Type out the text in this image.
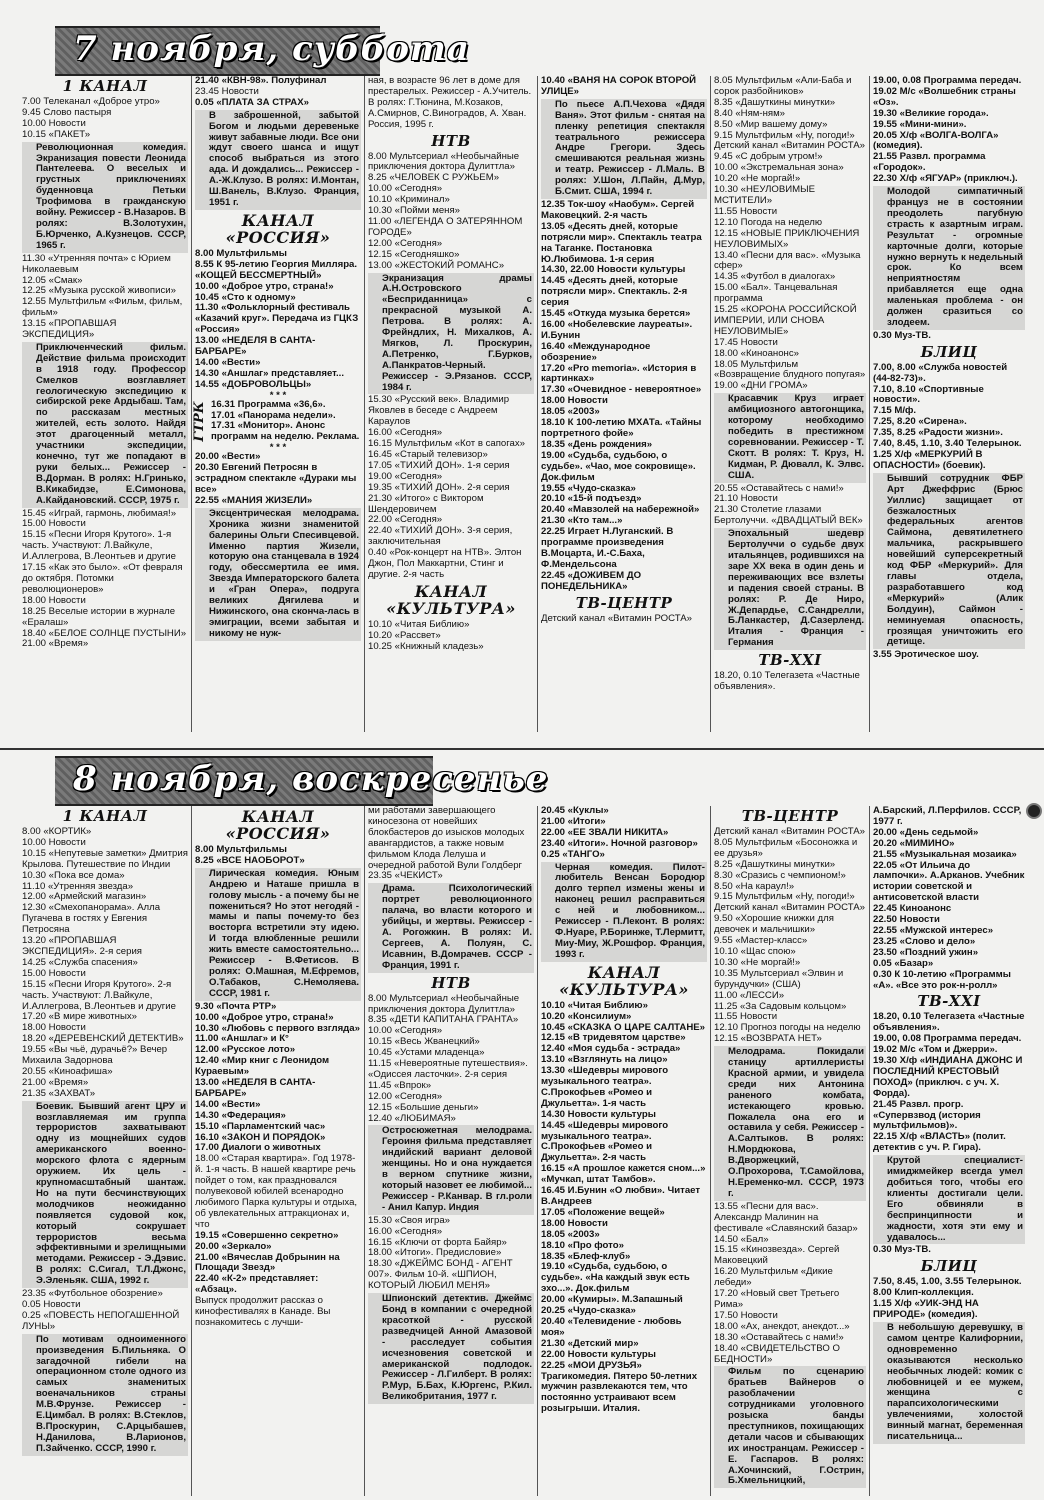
7 ноября, суббота
1 КАНАЛ
7.00 Телеканал «Доброе утро»
9.45 Слово пастыря
10.00 Новости
10.15 «ПАКЕТ»
Революционная комедия. Экранизация повести Леонида Пантелеева. О веселых и грустных приключениях буденновца Петьки Трофимова в гражданскую войну. Режиссер - В.Назаров. В ролях: В.Золотухин, Б.Юрченко, А.Кузнецов. СССР, 1965 г.
11.30 «Утренняя почта» с Юрием Николаевым
12.05 «Смак»
12.25 «Музыка русской живописи»
12.55 Мультфильм «Фильм, фильм, фильм»
13.15 «ПРОПАВШАЯ ЭКСПЕДИЦИЯ»
Приключенческий фильм. Действие фильма происходит в 1918 году. Профессор Смелков возглавляет геологическую экспедицию к сибирской реке Ардыбаш. Там, по рассказам местных жителей, есть золото. Найдя этот драгоценный металл, участники экспедиции, конечно, тут же попадают в руки белых... Режиссер - В.Дорман. В ролях: Н.Гринько, В.Кикабидзе, Е.Симонова, А.Кайдановский. СССР, 1975 г.
15.45 «Играй, гармонь, любимая!»
15.00 Новости
15.15 «Песни Игоря Крутого». 1-я часть. Участвуют: Л.Вайкуле, И.Аллегрова, В.Леонтьев и другие
17.15 «Как это было». «От февраля до октября. Потомки революционеров»
18.00 Новости
18.25 Веселые истории в журнале «Ералаш»
18.40 «БЕЛОЕ СОЛНЦЕ ПУСТЫНИ»
21.00 «Время»
21.40 «КВН-98». Полуфинал
23.45 Новости
0.05 «ПЛАТА ЗА СТРАХ»
В заброшенной, забытой Богом и людьми деревеньке живут забавные люди. Все они ждут своего шанса и ищут способ выбраться из этого ада. И дождались... Режиссер - А.-Ж.Клузо. В ролях: И.Монтан, Ш.Ванель, В.Клузо. Франция, 1951 г.
КАНАЛ «РОССИЯ»
8.00 Мультфильмы
8.55 К 95-летию Георгия Милляра. «КОЩЕЙ БЕССМЕРТНЫЙ»
10.00 «Доброе утро, страна!»
10.45 «Сто к одному»
11.30 «Фольклорный фестиваль «Казачий круг». Передача из ГЦКЗ «Россия»
13.00 «НЕДЕЛЯ В САНТА-БАРБАРЕ»
14.00 «Вести»
14.30 «Аншлаг» представляет...
14.55 «ДОБРОВОЛЬЦЫ»
* * *
ГТРК 16.31 Программа «36,6».
17.01 «Панорама недели».
17.31 «Монитор». Анонс программ на неделю. Реклама.
* * *
20.00 «Вести»
20.30 Евгений Петросян в эстрадном спектакле «Дураки мы все»
22.55 «МАНИЯ ЖИЗЕЛИ»
Эксцентрическая мелодрама. Хроника жизни знаменитой балерины Ольги Спесивцевой. Именно партия Жизели, которую она станцевала в 1924 году, обессмертила ее имя. Звезда Императорского балета и «Гран Опера», подруга великих Дягилева и Нижинского, она сконча-лась в эмиграции, всеми забытая и никому не нуж-
ная, в возрасте 96 лет в доме для престарелых. Режиссер - А.Учитель. В ролях: Г.Тюнина, М.Козаков, А.Смирнов, С.Виноградов, А. Хван. Россия, 1995 г.
НТВ
8.00 Мультсериал «Необычайные приключения доктора Дулиттла»
8.25 «ЧЕЛОВЕК С РУЖЬЕМ»
10.00 «Сегодня»
10.10 «Криминал»
10.30 «Пойми меня»
11.00 «ЛЕГЕНДА О ЗАТЕРЯННОМ ГОРОДЕ»
12.00 «Сегодня»
12.15 «Сегодняшко»
13.00 «ЖЕСТОКИЙ РОМАНС»
Экранизация драмы А.Н.Островского «Бесприданница» с прекрасной музыкой А. Петрова. В ролях: А. Фрейндлих, Н. Михалков, А. Мягков, Л. Проскурин, А.Петренко, Г.Бурков, А.Панкратов-Черный. Режиссер - Э.Рязанов. СССР, 1984 г.
15.30 «Русский век». Владимир Яковлев в беседе с Андреем Караулов
16.00 «Сегодня»
16.15 Мультфильм «Кот в сапогах»
16.45 «Старый телевизор»
17.05 «ТИХИЙ ДОН». 1-я серия
19.00 «Сегодня»
19.35 «ТИХИЙ ДОН». 2-я серия
21.30 «Итого» с Виктором Шендеровичем
22.00 «Сегодня»
22.40 «ТИХИЙ ДОН». 3-я серия, заключительная
0.40 «Рок-концерт на НТВ». Элтон Джон, Пол Маккартни, Стинг и другие. 2-я часть
КАНАЛ «КУЛЬТУРА»
10.10 «Читая Библию»
10.20 «Рассвет»
10.25 «Книжный кладезь»
10.40 «ВАНЯ НА СОРОК ВТОРОЙ УЛИЦЕ»
По пьесе А.П.Чехова «Дядя Ваня». Этот фильм - снятая на пленку репетиция спектакля театрального режиссера Андре Грегори. Здесь смешиваются реальная жизнь и театр. Режиссер - Л.Маль. В ролях: У.Шон, Л.Пайн, Д.Мур, Б.Смит. США, 1994 г.
12.35 Ток-шоу «Наобум». Сергей Маковецкий. 2-я часть
13.05 «Десять дней, которые потрясли мир». Спектакль театра на Таганке. Постановка Ю.Любимова. 1-я серия
14.30, 22.00 Новости культуры
14.45 «Десять дней, которые потрясли мир». Спектакль. 2-я серия
15.45 «Откуда музыка берется»
16.00 «Нобелевские лауреаты». И.Бунин
16.40 «Международное обозрение»
17.20 «Pro memoria». «История в картинках»
17.30 «Очевидное - невероятное»
18.00 Новости
18.05 «2003»
18.10 К 100-летию МХАТа. «Тайны портретного фойе»
18.35 «День рождения»
19.00 «Судьба, судьбою, о судьбе». «Чао, мое сокровище». Док.фильм
19.55 «Чудо-сказка»
20.10 «15-й подъезд»
20.40 «Мавзолей на набережной»
21.30 «Кто там...»
22.25 Играет Н.Луганский. В программе произведения В.Моцарта, И.-С.Баха, Ф.Мендельсона
22.45 «ДОЖИВЕМ ДО ПОНЕДЕЛЬНИКА»
ТВ-ЦЕНТР
Детский канал «Витамин РОСТА»
8.05 Мультфильм «Али-Баба и сорок разбойников»
8.35 «Дашуткины минутки»
8.40 «Ням-ням»
8.50 «Мир вашему дому»
9.15 Мультфильм «Ну, погоди!» Детский канал «Витамин РОСТА»
9.45 «С добрым утром!»
10.00 «Экстремальная зона»
10.20 «Не моргай!»
10.30 «НЕУЛОВИМЫЕ МСТИТЕЛИ»
11.55 Новости
12.10 Погода на неделю
12.15 «НОВЫЕ ПРИКЛЮЧЕНИЯ НЕУЛОВИМЫХ»
13.40 «Песни для вас». «Музыка сфер»
14.35 «Футбол в диалогах»
15.00 «Бал». Танцевальная программа
15.25 «КОРОНА РОССИЙСКОЙ ИМПЕРИИ, ИЛИ СНОВА НЕУЛОВИМЫЕ»
17.45 Новости
18.00 «Киноанонс»
18.05 Мультфильм «Возвращение блудного попугая»
19.00 «ДНИ ГРОМА»
Красавчик Круз играет амбициозного автогонщика, которому необходимо победить в престижном соревновании. Режиссер - Т. Скотт. В ролях: Т. Круз, Н. Кидман, Р. Дювалл, К. Элвс. США.
20.55 «Оставайтесь с нами!»
21.10 Новости
21.30 Столетие глазами Бертолуччи. «ДВАДЦАТЫЙ ВЕК»
Эпохальный шедевр Бертолуччи о судьбе двух итальянцев, родившихся на заре XX века в один день и переживающих все взлеты и падения своей страны. В ролях: Р. Де Ниро, Ж.Депардье, С.Сандрелли, Б.Ланкастер, Д.Сазерленд. Италия - Франция - Германия
ТВ-XXI
18.20, 0.10 Телегазета «Частные объявления».
19.00, 0.08 Программа передач.
19.02 М/с «Волшебник страны «Оз».
19.30 «Великие города».
19.55 «Мини-мини».
20.05 Х/ф «ВОЛГА-ВОЛГА» (комедия).
21.55 Развл. программа «Городок».
22.30 Х/ф «ЯГУАР» (приключ.).
Молодой симпатичный француз не в состоянии преодолеть пагубную страсть к азартным играм. Результат - огромные карточные долги, которые нужно вернуть к недельный срок. Ко всем неприятностям прибавляется еще одна маленькая проблема - он должен сразиться со злодеем.
0.30 Муз-ТВ.
БЛИЦ
7.00, 8.00 «Служба новостей (44-82-73)».
7.10, 8.10 «Спортивные новости».
7.15 М/ф.
7.25, 8.20 «Сирена».
7.35, 8.25 «Радости жизни».
7.40, 8.45, 1.10, 3.40 Телерынок.
1.25 Х/ф «МЕРКУРИЙ В ОПАСНОСТИ» (боевик).
Бывший сотрудник ФБР Арт Джеффрис (Брюс Уиллис) защищает от безжалостных федеральных агентов Саймона, девятилетнего мальчика, раскрывшего новейший суперсекретный код ФБР «Меркурий». Для главы отдела, разработавшего код «Меркурий» (Алик Болдуин), Саймон - неминуемая опасность, грозящая уничтожить его детище.
3.55 Эротическое шоу.
8 ноября, воскресенье
1 КАНАЛ
8.00 «КОРТИК»
10.00 Новости
10.15 «Непутевые заметки» Дмитрия Крылова. Путешествие по Индии
10.30 «Пока все дома»
11.10 «Утренняя звезда»
12.00 «Армейский магазин»
12.30 «Смехопанорама». Алла Пугачева в гостях у Евгения Петросяна
13.20 «ПРОПАВШАЯ ЭКСПЕДИЦИЯ». 2-я серия
14.25 «Служба спасения»
15.00 Новости
15.15 «Песни Игоря Крутого». 2-я часть. Участвуют: Л.Вайкуле, И.Аллегрова, В.Леонтьев и другие
17.20 «В мире животных»
18.00 Новости
18.20 «ДЕРЕВЕНСКИЙ ДЕТЕКТИВ»
19.55 «Вы чьё, дурачьё?» Вечер Михаила Задорнова
20.55 «Киноафиша»
21.00 «Время»
21.35 «ЗАХВАТ»
Боевик. Бывший агент ЦРУ и возглавляемая им группа террористов захватывают одну из мощнейших судов американского военно-морского флота с ядерным оружием. Их цель - крупномасштабный шантаж. Но на пути бесчинствующих молодчиков неожиданно появляется судовой кок, который сокрушает террористов весьма эффективными и зрелищными методами. Режиссер - Э.Дэвис. В ролях: С.Сигал, Т.Л.Джонс, Э.Эленьяк. США, 1992 г.
23.35 «Футбольное обозрение»
0.05 Новости
0.25 «ПОВЕСТЬ НЕПОГАШЕННОЙ ЛУНЫ»
По мотивам одноименного произведения Б.Пильняка. О загадочной гибели на операционном столе одного из самых знаменитых военачальников страны М.В.Фрунзе. Режиссер - Е.Цимбал. В ролях: В.Стеклов, В.Проскурин, С.Арцыбашев, Н.Данилова, В.Ларионов, П.Зайченко. СССР, 1990 г.
КАНАЛ «РОССИЯ»
8.00 Мультфильмы
8.25 «ВСЕ НАОБОРОТ»
Лирическая комедия. Юным Андрею и Наташе пришла в голову мысль - а почему бы не пожениться? Но этот негодяй - мамы и папы почему-то без восторга встретили эту идею. И тогда влюбленные решили жить вместе самостоятельно... Режиссер - В.Фетисов. В ролях: О.Машная, М.Ефремов, О.Табаков, С.Немоляева. СССР, 1981 г.
9.30 «Почта РТР»
10.00 «Доброе утро, страна!»
10.30 «Любовь с первого взгляда»
11.00 «Аншлаг» и К°
12.00 «Русское лото»
12.40 «Мир книг с Леонидом Кураевым»
13.00 «НЕДЕЛЯ В САНТА-БАРБАРЕ»
14.00 «Вести»
14.30 «Федерация»
15.10 «Парламентский час»
16.10 «ЗАКОН И ПОРЯДОК»
17.00 Диалоги о животных
18.00 «Старая квартира». Год 1978-й. 1-я часть. В нашей квартире речь пойдет о том, как праздновался полувековой юбилей всенародно любимого Парка культуры и отдыха, об увлекательных аттракционах и, что
19.15 «Совершенно секретно»
20.00 «Зеркало»
21.00 «Вячеслав Добрынин на Площади Звезд»
22.40 «К-2» представляет: «Абзац».
Выпуск продолжит рассказ о кинофестивалях в Канаде. Вы познакомитесь с лучши-
ми работами завершающего киносезона от новейших блокбастеров до изысков молодых авангардистов, а также новым фильмом Клода Лелуша и очередной работой Вули Голдберг
23.35 «ЧЕКИСТ»
Драма. Психологический портрет революционного палача, во власти которого и убийцы, и жертвы. Режиссер - А. Рогожкин. В ролях: И. Сергеев, А. Полуян, С. Исавнин, В.Домрачев. СССР - Франция, 1991 г.
НТВ
8.00 Мультсериал «Необычайные приключения доктора Дулиттла»
8.35 «ДЕТИ КАПИТАНА ГРАНТА»
10.00 «Сегодня»
10.15 «Весь Жванецкий»
10.45 «Устами младенца»
11.15 «Невероятные путешествия». «Одиссея ласточки». 2-я серия
11.45 «Впрок»
12.00 «Сегодня»
12.15 «Большие деньги»
12.40 «ЛЮБИМАЯ»
Остросюжетная мелодрама. Героиня фильма представляет индийский вариант деловой женщины. Но и она нуждается в верном спутнике жизни, который назовет ее любимой... Режиссер - Р.Канвар. В гл.роли - Анил Капур. Индия
15.30 «Своя игра»
16.00 «Сегодня»
16.15 «Ключи от форта Байяр»
18.00 «Итоги». Предисловие»
18.30 «ДЖЕЙМС БОНД - АГЕНТ 007». Фильм 10-й. «ШПИОН, КОТОРЫЙ ЛЮБИЛ МЕНЯ»
Шпионский детектив. Джеймс Бонд в компании с очередной красоткой - русской разведчицей Анной Амазовой - расследует события исчезновения советской и американской подлодок. Режиссер - Л.Гилберт. В ролях: Р.Мур, Б.Бах, К.Юргенс, Р.Кил. Великобритания, 1977 г.
20.45 «Куклы»
21.00 «Итоги»
22.00 «ЕЕ ЗВАЛИ НИКИТА»
23.40 «Итоги». Ночной разговор»
0.25 «ТАНГО»
Черная комедия. Пилот-любитель Венсан Бородюр долго терпел измены жены и наконец решил расправиться с ней и любовником... Режиссер - П.Леконт. В ролях: Ф.Нуаре, Р.Боринже, Т.Лермитт, Миу-Миу, Ж.Рошфор. Франция, 1993 г.
КАНАЛ «КУЛЬТУРА»
10.10 «Читая Библию»
10.20 «Консилиум»
10.45 «СКАЗКА О ЦАРЕ САЛТАНЕ»
12.15 «В тридевятом царстве»
12.40 «Моя судьба - эстрада»
13.10 «Взглянуть на лицо»
13.30 «Шедевры мирового музыкального театра». С.Прокофьев «Ромео и Джульетта». 1-я часть
14.30 Новости культуры
14.45 «Шедевры мирового музыкального театра». С.Прокофьев «Ромео и Джульетта». 2-я часть
16.15 «А прошлое кажется сном...» «Мучкап, штат Тамбов».
16.45 И.Бунин «О любви». Читает В.Андреев
17.05 «Положение вещей»
18.00 Новости
18.05 «2003»
18.10 «Про фото»
18.35 «Блеф-клуб»
19.10 «Судьба, судьбою, о судьбе». «На каждый звук есть эхо...». Док.фильм
20.00 «Кумиры». М.Запашный
20.25 «Чудо-сказка»
20.40 «Телевидение - любовь моя»
21.30 «Детский мир»
22.00 Новости культуры
22.25 «МОИ ДРУЗЬЯ»
Трагикомедия. Пятеро 50-летних мужчин развлекаются тем, что постоянно устраивают всем розыгрыши. Италия.
ТВ-ЦЕНТР
Детский канал «Витамин РОСТА»
8.05 Мультфильм «Босоножка и ее друзья»
8.25 «Дашуткины минутки»
8.30 «Сразись с чемпионом!»
8.50 «На караул!»
9.15 Мультфильм «Ну, погоди!» Детский канал «Витамин РОСТА»
9.50 «Хорошие книжки для девочек и мальчишки»
9.55 «Мастер-класс»
10.10 «Щас спою»
10.30 «Не моргай!»
10.35 Мультсериал «Элвин и бурундучки» (США)
11.00 «ЛЕССИ»
11.25 «За Садовым кольцом»
11.55 Новости
12.10 Прогноз погоды на неделю
12.15 «ВОЗВРАТА НЕТ»
Мелодрама. Покидали станицу артиллеристы Красной армии, и увидела среди них Антонина раненого комбата, истекающего кровью. Пожалела она его и оставила у себя. Режиссер - А.Салтыков. В ролях: Н.Мордюкова, В.Дворжецкий, О.Прохорова, Т.Самойлова, Н.Еременко-мл. СССР, 1973 г.
13.55 «Песни для вас». Александр Малинин на фестивале «Славянский базар»
14.50 «Бал»
15.15 «Кинозвезда». Сергей Маковецкий
16.20 Мультфильм «Дикие лебеди»
17.20 «Новый свет Третьего Рима»
17.50 Новости
18.00 «Ах, анекдот, анекдот...»
18.30 «Оставайтесь с нами!»
18.40 «СВИДЕТЕЛЬСТВО О БЕДНОСТИ»
Фильм по сценарию братьев Вайнеров о разоблачении сотрудниками уголовного розыска банды преступников, похищающих детали часов и сбывающих их иностранцам. Режиссер - Е. Гаспаров. В ролях: А.Хочинский, Г.Острин, Б.Хмельницкий,
А.Барский, Л.Перфилов. СССР, 1977 г.
20.00 «День седьмой»
20.20 «МИМИНО»
21.55 «Музыкальная мозаика»
22.05 «От Ильича до лампочки». А.Арканов. Учебник истории советской и антисоветской власти
22.45 Киноанонс
22.50 Новости
22.55 «Мужской интерес»
23.25 «Слово и дело»
23.50 «Поздний ужин»
0.05 «Базар»
0.30 К 10-летию «Программы «А». «Все это рок-н-ролл»
ТВ-XXI
18.20, 0.10 Телегазета «Частные объявления».
19.00, 0.08 Программа передач.
19.02 М/с «Том и Джерри».
19.30 Х/ф «ИНДИАНА ДЖОНС И ПОСЛЕДНИЙ КРЕСТОВЫЙ ПОХОД» (приключ. с уч. Х. Форда).
21.45 Развл. прогр. «Супервзвод (история мультфильмов)».
22.15 Х/ф «ВЛАСТЬ» (полит. детектив с уч. Р. Гира).
Крутой специалист-имиджмейкер всегда умел добиться того, чтобы его клиенты достигали цели. Его обвиняли в беспринципности и жадности, хотя эти ему и удавалось...
0.30 Муз-ТВ.
БЛИЦ
7.50, 8.45, 1.00, 3.55 Телерынок.
8.00 Клип-коллекция.
1.15 Х/ф «УИК-ЭНД НА ПРИРОДЕ» (комедия).
В небольшую деревушку, в самом центре Калифорнии, одновременно оказываются несколько необычных людей: комик с любовницей и ее мужем, женщина с парапсихологическими увлечениями, холостой винный магнат, беременная писательница...
